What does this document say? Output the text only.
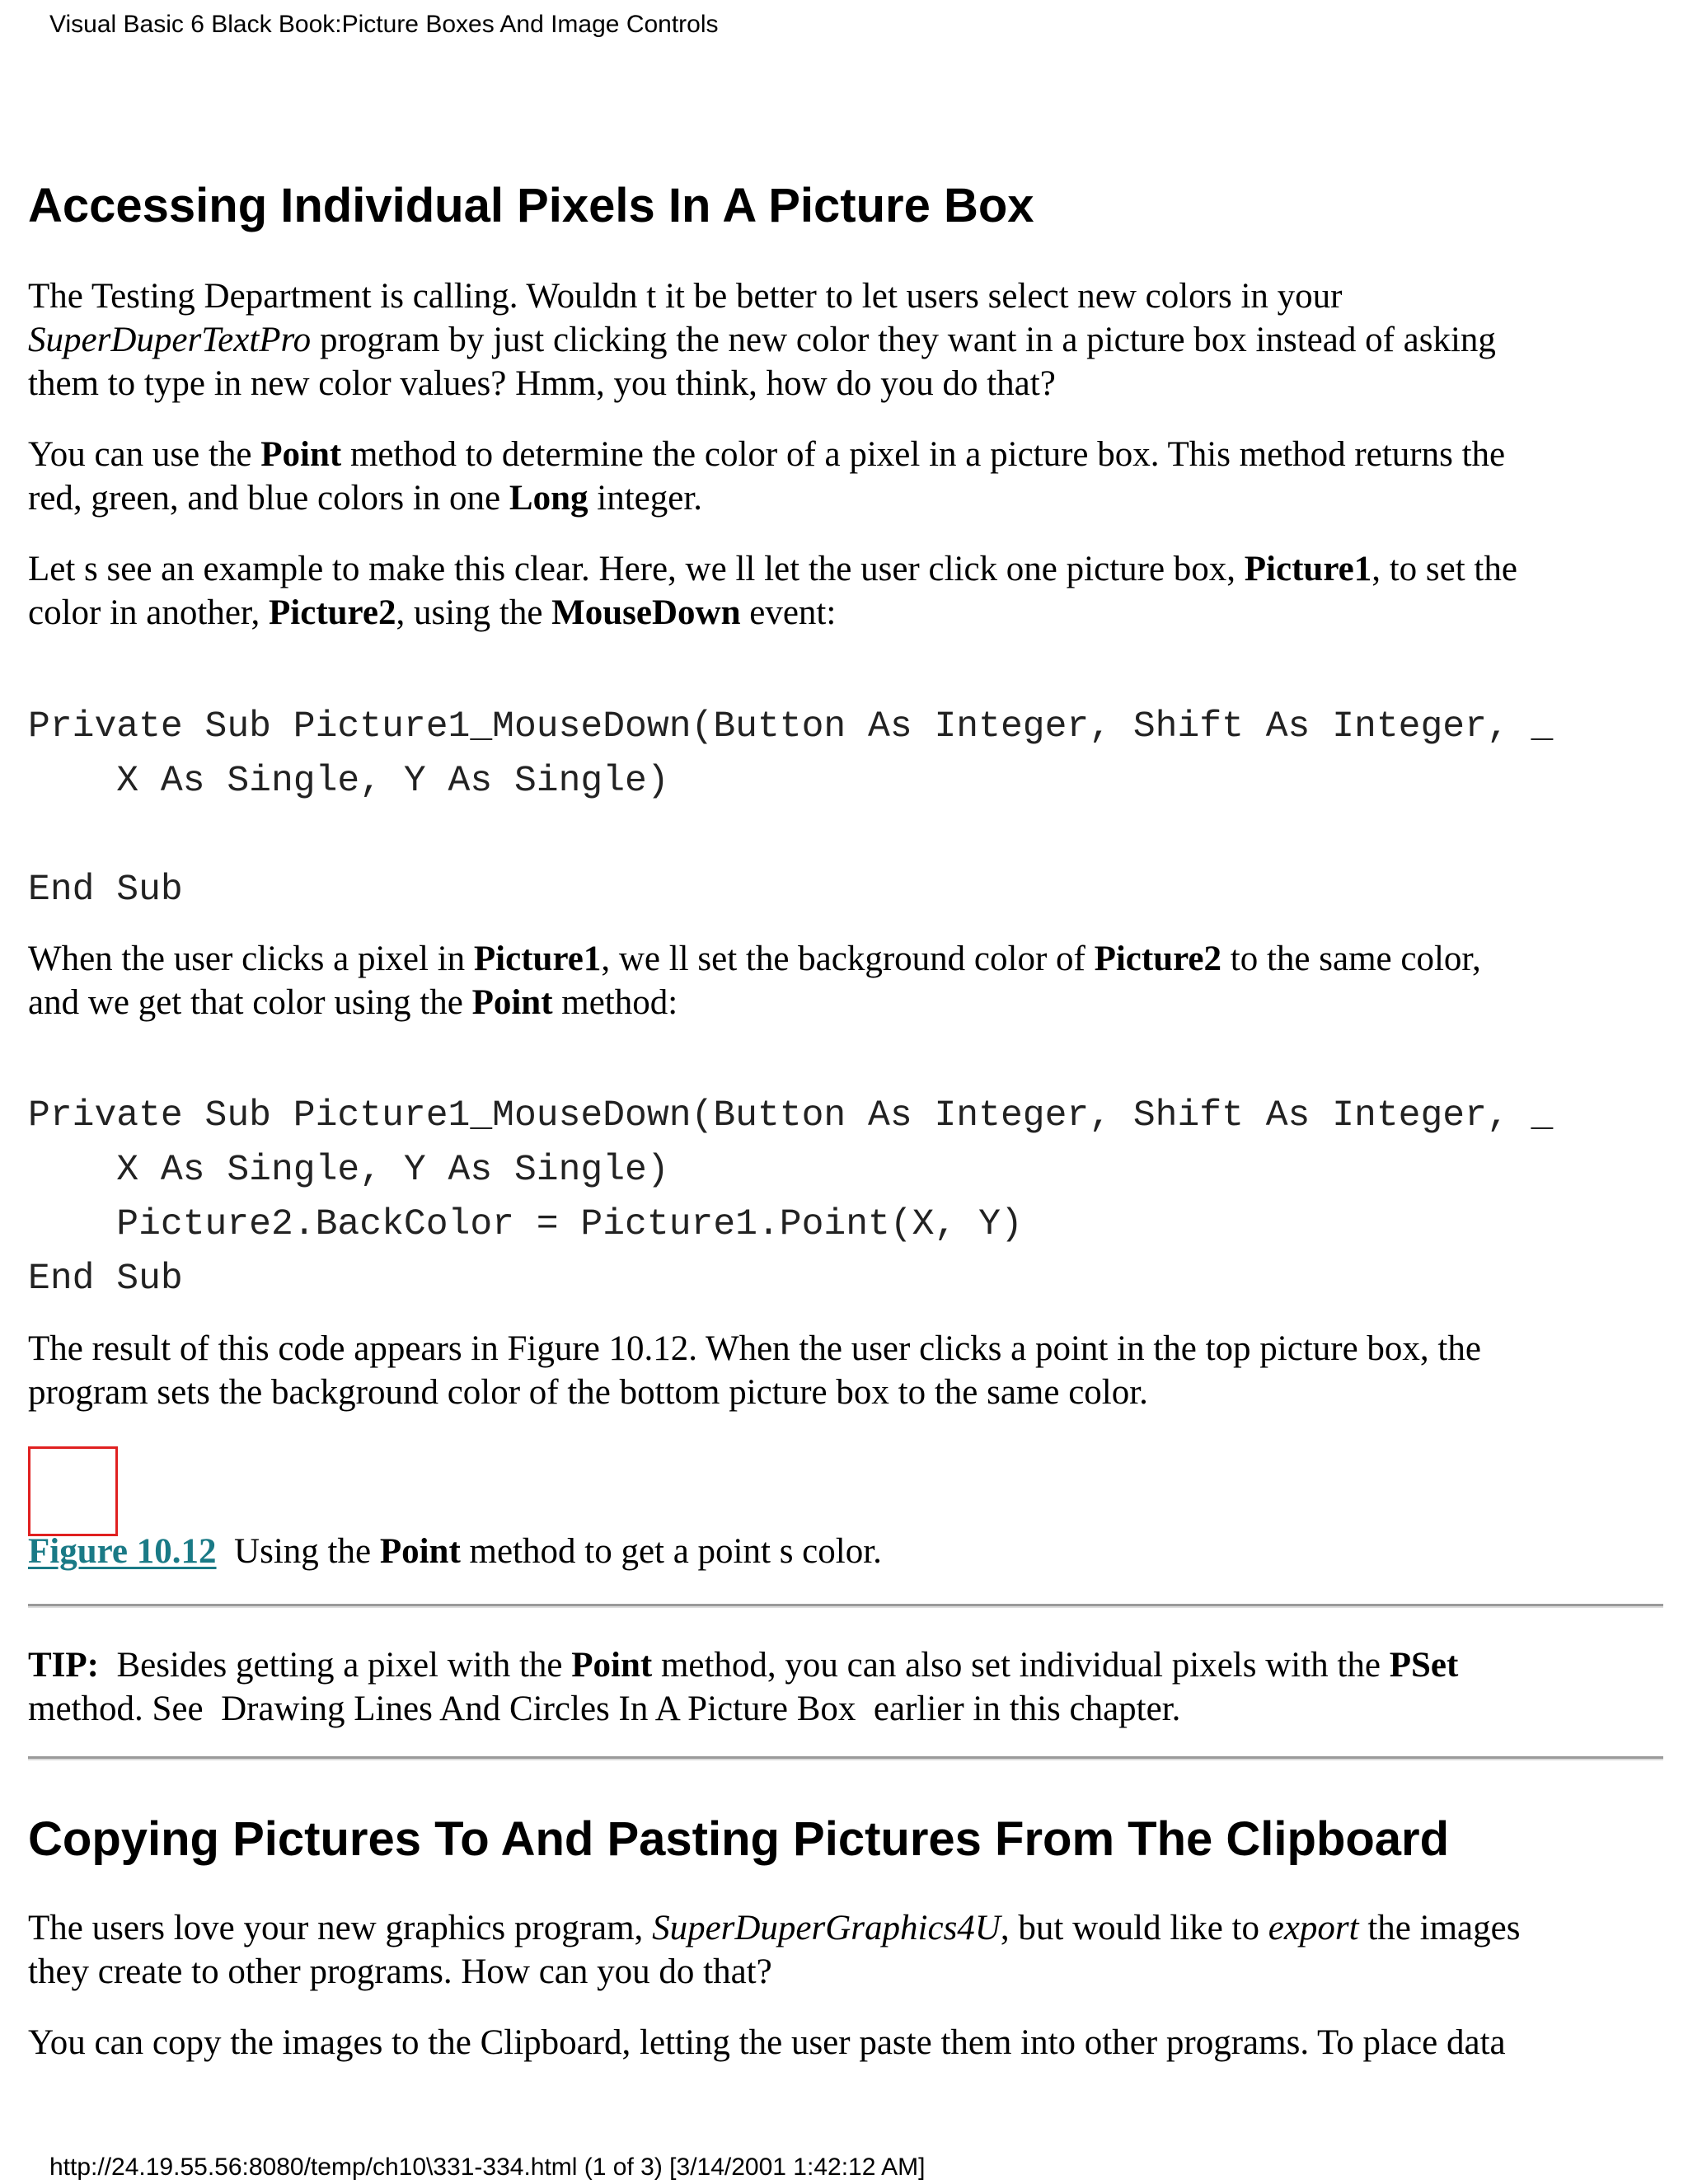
Visual Basic 6 Black Book:Picture Boxes And Image Controls
Accessing Individual Pixels In A Picture Box

The Testing Department is calling. Wouldn t it be better to let users select new colors in your
SuperDuperTextPro program by just clicking the new color they want in a picture box instead of asking
them to type in new color values? Hmm, you think, how do you do that?

You can use the Point method to determine the color of a pixel in a picture box. This method returns the
red, green, and blue colors in one Long integer.

Let s see an example to make this clear. Here, we ll let the user click one picture box, Picture1, to set the
color in another, Picture2, using the MouseDown event:

Private Sub Picture1_MouseDown(Button As Integer, Shift As Integer, _
X As Single, Y As Single)

End Sub

When the user clicks a pixel in Picture1, we ll set the background color of Picture2 to the same color,
and we get that color using the Point method:

Private Sub Picture1_MouseDown(Button As Integer, Shift As Integer, _
X As Single, Y As Single)
Picture2.BackColor = Picture1.Point(X, Y)
End Sub

The result of this code appears in Figure 10.12. When the user clicks a point in the top picture box, the
program sets the background color of the bottom picture box to the same color.

Figure 10.12  Using the Point method to get a point s color.

TIP:  Besides getting a pixel with the Point method, you can also set individual pixels with the PSet
method. See  Drawing Lines And Circles In A Picture Box  earlier in this chapter.

Copying Pictures To And Pasting Pictures From The Clipboard

The users love your new graphics program, SuperDuperGraphics4U, but would like to export the images
they create to other programs. How can you do that?

You can copy the images to the Clipboard, letting the user paste them into other programs. To place data

http://24.19.55.56:8080/temp/ch10\331-334.html (1 of 3) [3/14/2001 1:42:12 AM]
